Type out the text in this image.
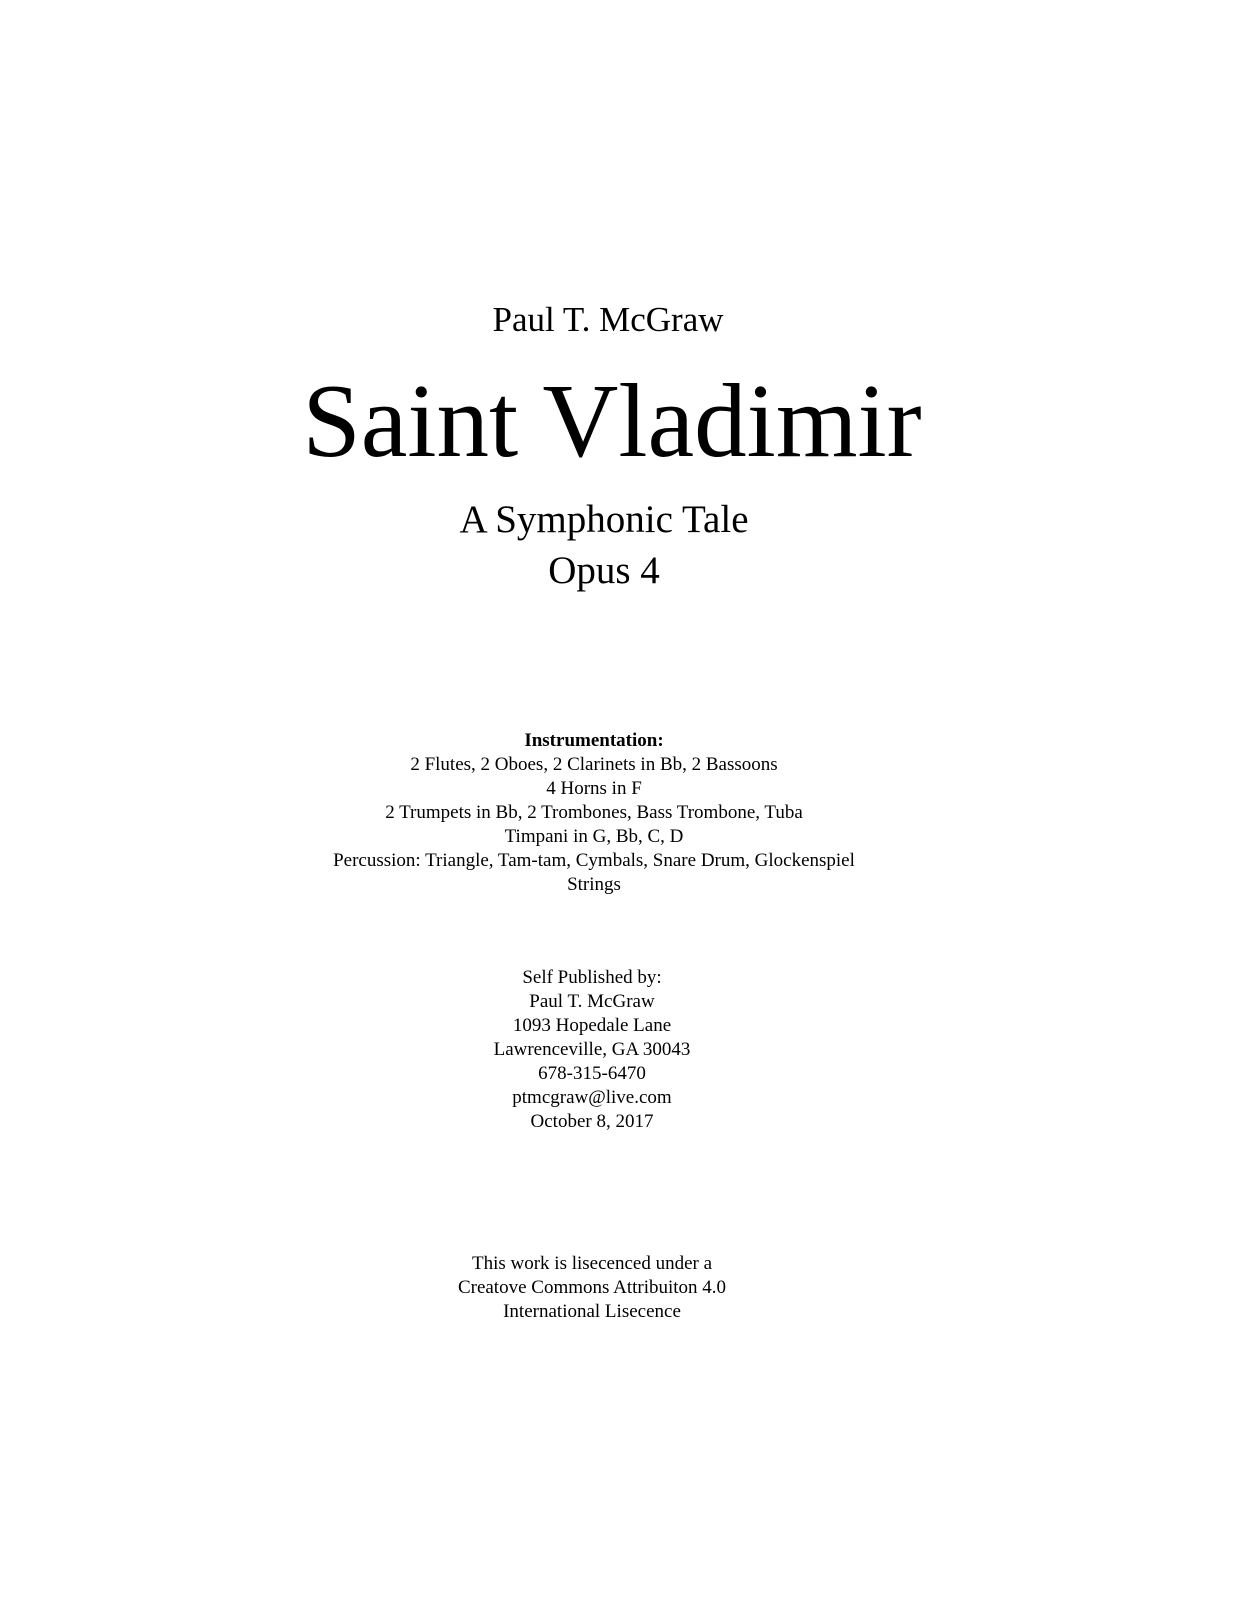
Paul T. McGraw

Saint Vladimir

A Symphonic Tale

Opus 4

Instrumentation:
2 Flutes, 2 Oboes, 2 Clarinets in Bb, 2 Bassoons
4 Horns in F
2 Trumpets in Bb, 2 Trombones, Bass Trombone, Tuba
Timpani in G, Bb, C, D
Percussion: Triangle, Tam-tam, Cymbals, Snare Drum, Glockenspiel
Strings
Self Published by:
Paul T. McGraw
1093 Hopedale Lane
Lawrenceville, GA 30043
678-315-6470
ptmcgraw@live.com
October 8, 2017
This work is lisecenced under a
Creatove Commons Attribuiton 4.0
International Lisecence
